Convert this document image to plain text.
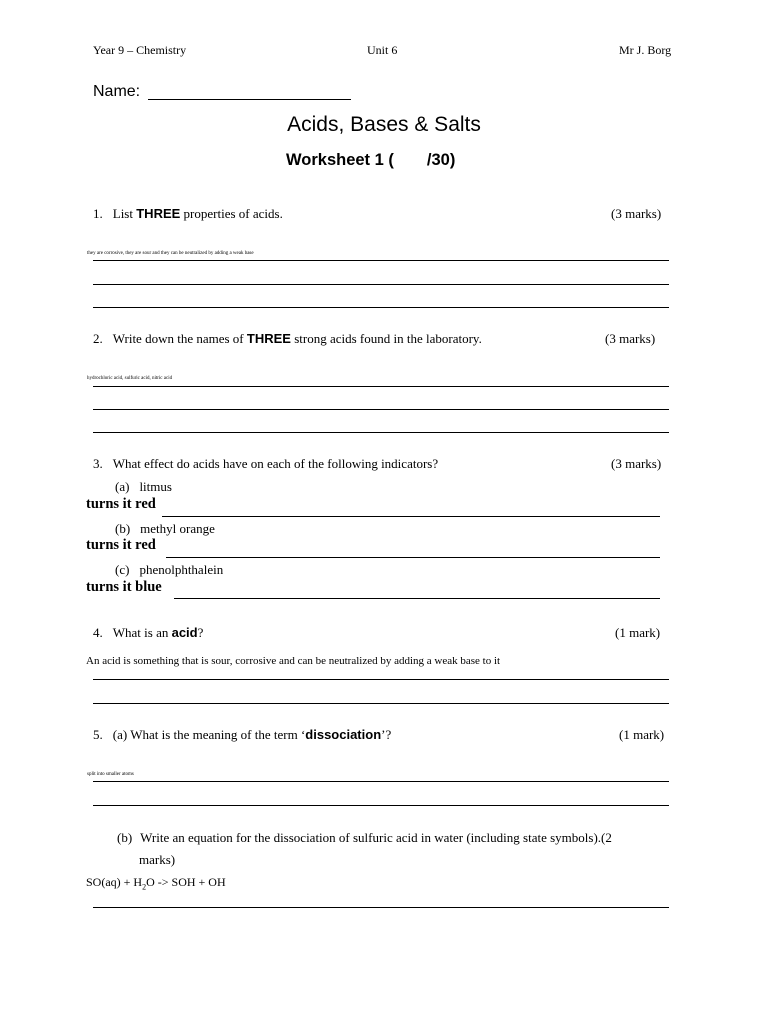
Year 9 – Chemistry	Unit 6	Mr J. Borg
Name:
Acids, Bases & Salts
Worksheet 1 ( /30)
1. List THREE properties of acids.	(3 marks)
they are corrosive, they are sour and they can be neutralized by adding a weak base
2. Write down the names of THREE strong acids found in the laboratory.	(3 marks)
hydrochloric acid, sulfuric acid, nitric acid
3. What effect do acids have on each of the following indicators?	(3 marks)
(a) litmus
turns it red
(b) methyl orange
turns it red
(c) phenolphthalein
turns it blue
4. What is an acid?	(1 mark)
An acid is something that is sour, corrosive and can be neutralized by adding a weak base to it
5. (a) What is the meaning of the term ‘dissociation’?	(1 mark)
split into smaller atoms
(b) Write an equation for the dissociation of sulfuric acid in water (including state symbols).(2
marks)
$SO(aq) + H_2O$ -> SOH + OH
